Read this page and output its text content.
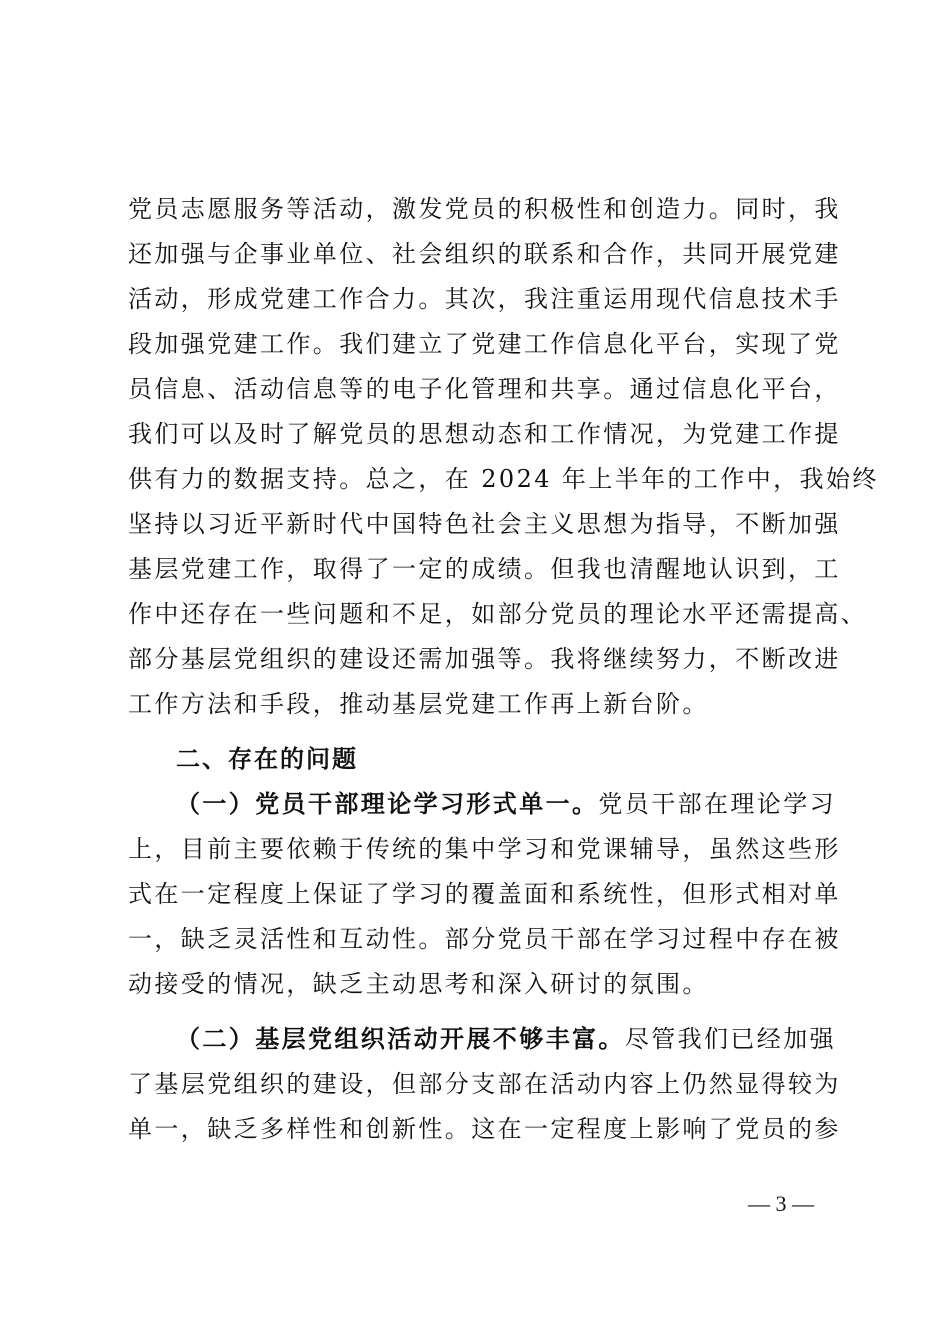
党员志愿服务等活动，激发党员的积极性和创造力。同时，我
还加强与企事业单位、社会组织的联系和合作，共同开展党建
活动，形成党建工作合力。其次，我注重运用现代信息技术手
段加强党建工作。我们建立了党建工作信息化平台，实现了党
员信息、活动信息等的电子化管理和共享。通过信息化平台，
我们可以及时了解党员的思想动态和工作情况，为党建工作提
供有力的数据支持。总之，在 2024 年上半年的工作中，我始终
坚持以习近平新时代中国特色社会主义思想为指导，不断加强
基层党建工作，取得了一定的成绩。但我也清醒地认识到，工
作中还存在一些问题和不足，如部分党员的理论水平还需提高、
部分基层党组织的建设还需加强等。我将继续努力，不断改进
工作方法和手段，推动基层党建工作再上新台阶。
二、存在的问题
（一）党员干部理论学习形式单一。党员干部在理论学习
上，目前主要依赖于传统的集中学习和党课辅导，虽然这些形
式在一定程度上保证了学习的覆盖面和系统性，但形式相对单
一，缺乏灵活性和互动性。部分党员干部在学习过程中存在被
动接受的情况，缺乏主动思考和深入研讨的氛围。
（二）基层党组织活动开展不够丰富。尽管我们已经加强
了基层党组织的建设，但部分支部在活动内容上仍然显得较为
单一，缺乏多样性和创新性。这在一定程度上影响了党员的参
— 3 —
